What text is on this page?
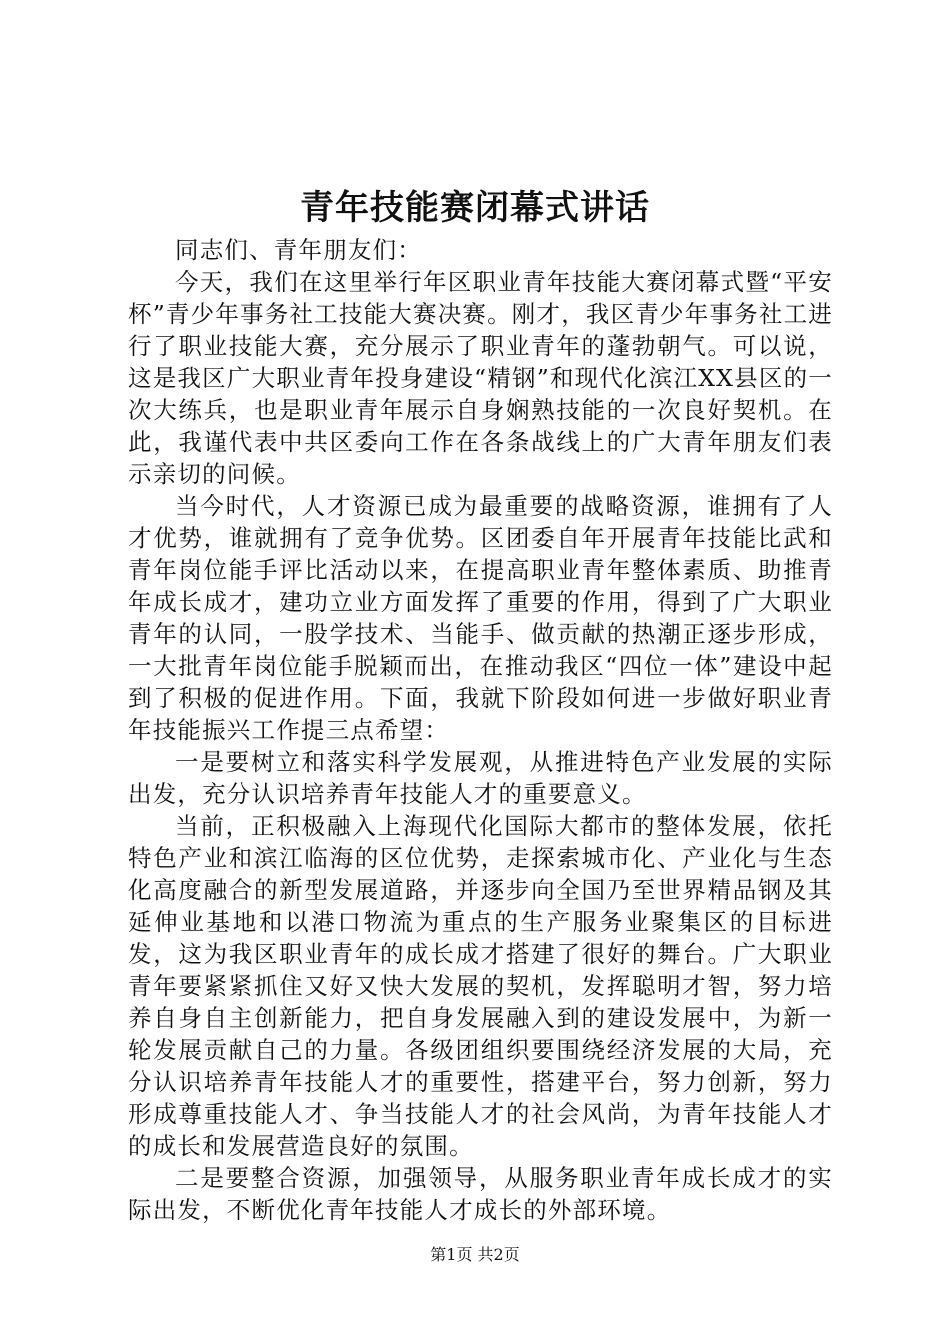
青年技能赛闭幕式讲话

同志们、青年朋友们：

今天，我们在这里举行年区职业青年技能大赛闭幕式暨“平安杯”青少年事务社工技能大赛决赛。刚才，我区青少年事务社工进行了职业技能大赛，充分展示了职业青年的蓬勃朝气。可以说，这是我区广大职业青年投身建设“精钢”和现代化滨江XX县区的一次大练兵，也是职业青年展示自身娴熟技能的一次良好契机。在此，我谨代表中共区委向工作在各条战线上的广大青年朋友们表示亲切的问候。

当今时代，人才资源已成为最重要的战略资源，谁拥有了人才优势，谁就拥有了竞争优势。区团委自年开展青年技能比武和青年岗位能手评比活动以来，在提高职业青年整体素质、助推青年成长成才，建功立业方面发挥了重要的作用，得到了广大职业青年的认同，一股学技术、当能手、做贡献的热潮正逐步形成，一大批青年岗位能手脱颖而出，在推动我区“四位一体”建设中起到了积极的促进作用。下面，我就下阶段如何进一步做好职业青年技能振兴工作提三点希望：

一是要树立和落实科学发展观，从推进特色产业发展的实际出发，充分认识培养青年技能人才的重要意义。

当前，正积极融入上海现代化国际大都市的整体发展，依托特色产业和滨江临海的区位优势，走探索城市化、产业化与生态化高度融合的新型发展道路，并逐步向全国乃至世界精品钢及其延伸业基地和以港口物流为重点的生产服务业聚集区的目标进发，这为我区职业青年的成长成才搭建了很好的舞台。广大职业青年要紧紧抓住又好又快大发展的契机，发挥聪明才智，努力培养自身自主创新能力，把自身发展融入到的建设发展中，为新一轮发展贡献自己的力量。各级团组织要围绕经济发展的大局，充分认识培养青年技能人才的重要性，搭建平台，努力创新，努力形成尊重技能人才、争当技能人才的社会风尚，为青年技能人才的成长和发展营造良好的氛围。

二是要整合资源，加强领导，从服务职业青年成长成才的实际出发，不断优化青年技能人才成长的外部环境。

第1页 共2页
